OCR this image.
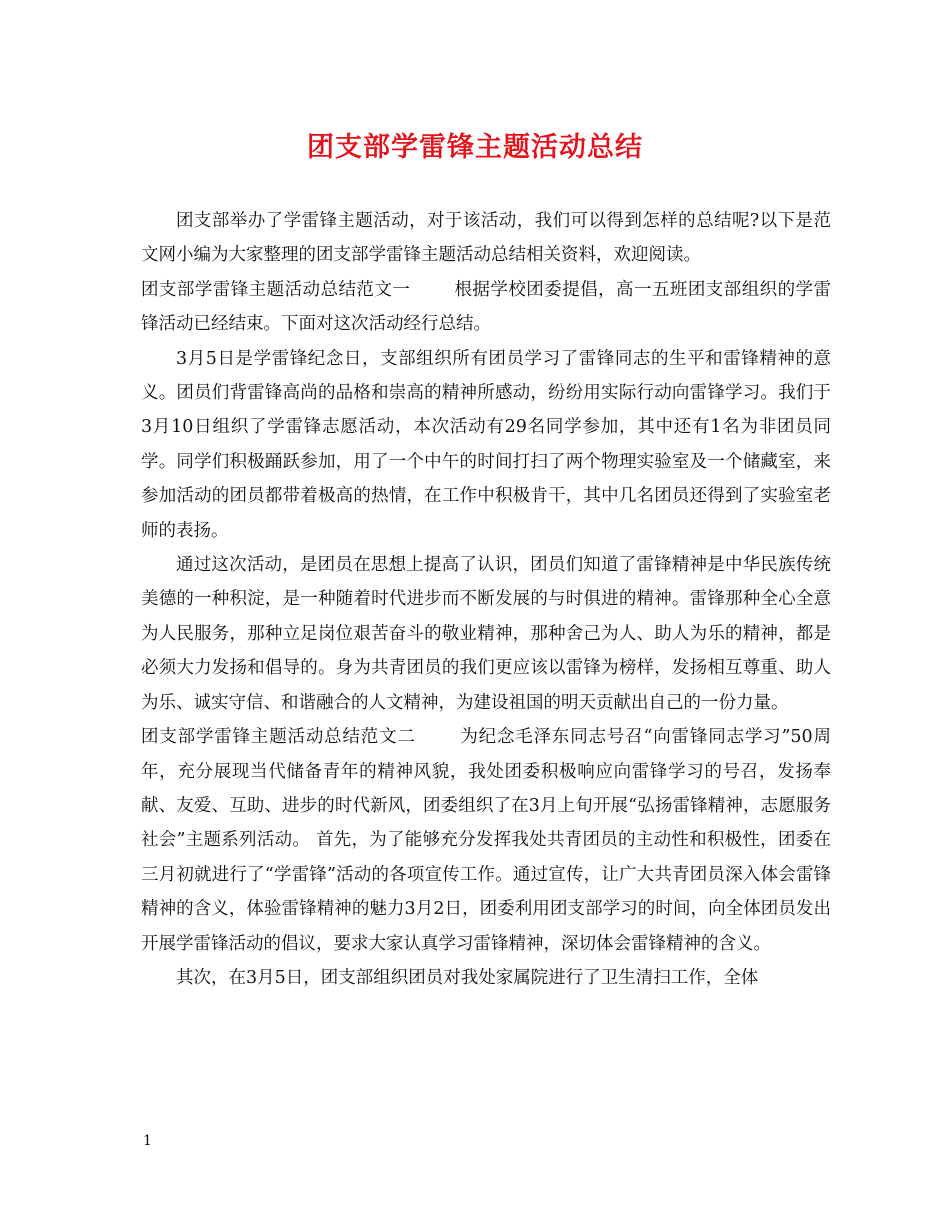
团支部学雷锋主题活动总结

团支部举办了学雷锋主题活动，对于该活动，我们可以得到怎样的总结呢?以下是范文网小编为大家整理的团支部学雷锋主题活动总结相关资料，欢迎阅读。

团支部学雷锋主题活动总结范文一	根据学校团委提倡，高一五班团支部组织的学雷锋活动已经结束。下面对这次活动经行总结。

3月5日是学雷锋纪念日，支部组织所有团员学习了雷锋同志的生平和雷锋精神的意义。团员们背雷锋高尚的品格和崇高的精神所感动，纷纷用实际行动向雷锋学习。我们于3月10日组织了学雷锋志愿活动，本次活动有29名同学参加，其中还有1名为非团员同学。同学们积极踊跃参加，用了一个中午的时间打扫了两个物理实验室及一个储藏室，来参加活动的团员都带着极高的热情，在工作中积极肯干，其中几名团员还得到了实验室老师的表扬。

通过这次活动，是团员在思想上提高了认识，团员们知道了雷锋精神是中华民族传统美德的一种积淀，是一种随着时代进步而不断发展的与时俱进的精神。雷锋那种全心全意为人民服务，那种立足岗位艰苦奋斗的敬业精神，那种舍己为人、助人为乐的精神，都是必须大力发扬和倡导的。身为共青团员的我们更应该以雷锋为榜样，发扬相互尊重、助人为乐、诚实守信、和谐融合的人文精神，为建设祖国的明天贡献出自己的一份力量。

团支部学雷锋主题活动总结范文二	为纪念毛泽东同志号召“向雷锋同志学习”50周年，充分展现当代储备青年的精神风貌，我处团委积极响应向雷锋学习的号召，发扬奉献、友爱、互助、进步的时代新风，团委组织了在3月上旬开展“弘扬雷锋精神，志愿服务社会”主题系列活动。 首先，为了能够充分发挥我处共青团员的主动性和积极性，团委在三月初就进行了“学雷锋”活动的各项宣传工作。通过宣传，让广大共青团员深入体会雷锋精神的含义，体验雷锋精神的魅力3月2日，团委利用团支部学习的时间，向全体团员发出开展学雷锋活动的倡议，要求大家认真学习雷锋精神，深切体会雷锋精神的含义。

其次，在3月5日，团支部组织团员对我处家属院进行了卫生清扫工作，全体

1
